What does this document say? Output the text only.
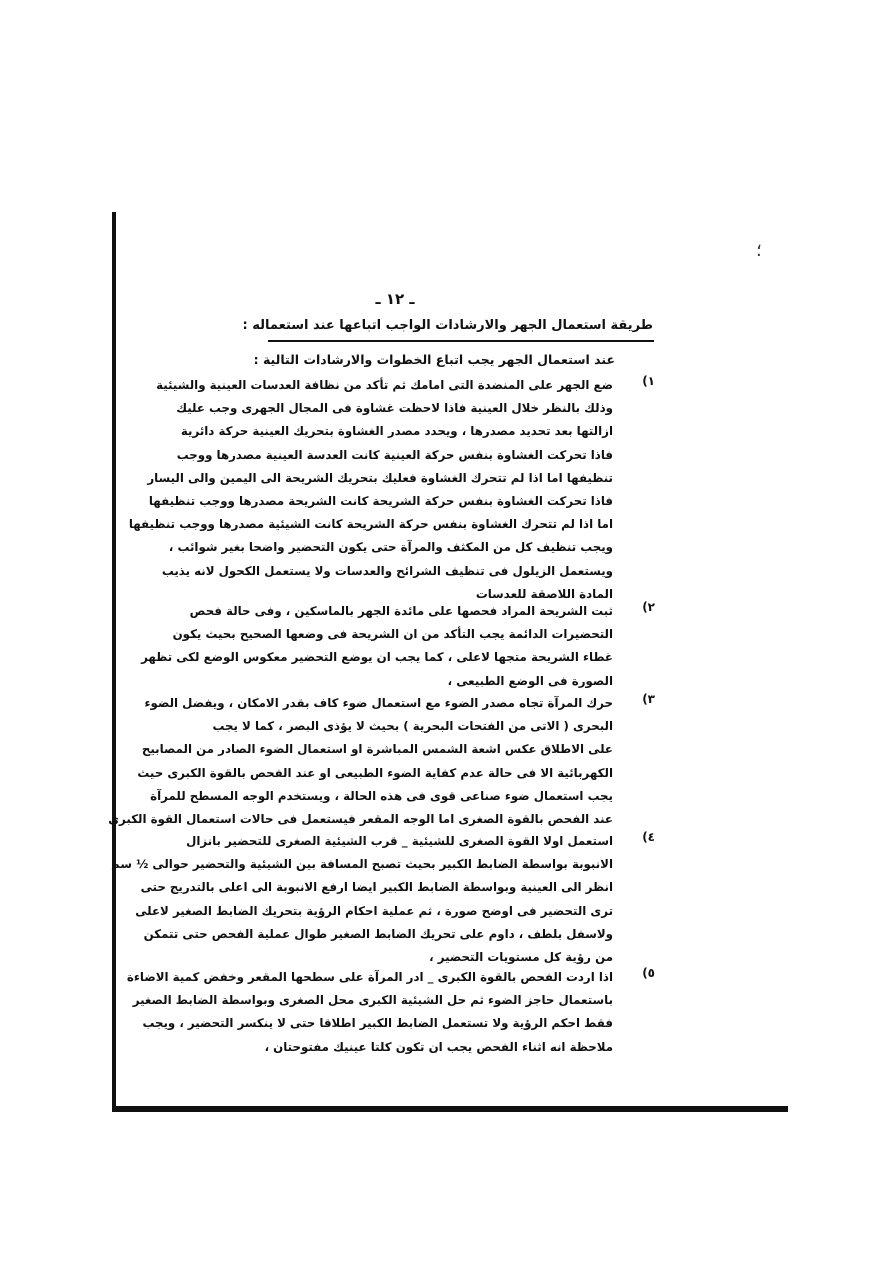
؛
ـ ١٢ ـ
طريقة استعمال الجهر والارشادات الواجب اتباعها عند استعماله :
عند استعمال الجهر يجب اتباع الخطوات والارشادات التالية :
١)
ضع الجهر على المنضدة التى امامك ثم تأكد من نظافة العدسات العينية والشيئية
وذلك بالنظر خلال العينية فاذا لاحظت غشاوة فى المجال الجهرى وجب عليك
ازالتها بعد تحديد مصدرها ، ويحدد مصدر الغشاوة بتحريك العينية حركة دائرية
فاذا تحركت الغشاوة بنفس حركة العينية كانت العدسة العينية مصدرها ووجب
تنظيفها اما اذا لم تتحرك الغشاوة فعليك بتحريك الشريحة الى اليمين والى اليسار
فاذا تحركت الغشاوة بنفس حركة الشريحة كانت الشريحة مصدرها ووجب تنظيفها
اما اذا لم تتحرك الغشاوة بنفس حركة الشريحة كانت الشيئية مصدرها ووجب تنظيفها
ويجب تنظيف كل من المكثف والمرآة حتى يكون التحضير واضحا بغير شوائب ،
ويستعمل الزيلول فى تنظيف الشرائح والعدسات ولا يستعمل الكحول لانه يذيب
المادة اللاصقة للعدسات
٢)
ثبت الشريحة المراد فحصها على مائدة الجهر بالماسكين ، وفى حالة فحص
التحضيرات الدائمة يجب التأكد من ان الشريحة فى وضعها الصحيح بحيث يكون
غطاء الشريحة متجها لاعلى ، كما يجب ان يوضع التحضير معكوس الوضع لكى تظهر
الصورة فى الوضع الطبيعى ،
٣)
حرك المرآة تجاه مصدر الضوء مع استعمال ضوء كاف بقدر الامكان ، ويفضل الضوء
البحرى ( الاتى من الفتحات البحرية ) بحيث لا يؤذى البصر ، كما لا يجب
على الاطلاق عكس اشعة الشمس المباشرة او استعمال الضوء الصادر من المصابيح
الكهربائية الا فى حالة عدم كفاية الضوء الطبيعى او عند الفحص بالقوة الكبرى حيث
يجب استعمال ضوء صناعى قوى فى هذه الحالة ، ويستخدم الوجه المسطح للمرآة
عند الفحص بالقوة الصغرى اما الوجه المقعر فيستعمل فى حالات استعمال القوة الكبرى
٤)
استعمل اولا القوة الصغرى للشيئية _ قرب الشيئية الصغرى للتحضير بانزال
الانبوبة بواسطة الضابط الكبير بحيث تصبح المسافة بين الشيئية والتحضير حوالى ½ سم
انظر الى العينية وبواسطة الضابط الكبير ايضا ارفع الانبوبة الى اعلى بالتدريج حتى
ترى التحضير فى اوضح صورة ، ثم عملية احكام الرؤية بتحريك الضابط الصغير لاعلى
ولاسفل بلطف ، داوم على تحريك الضابط الصغير طوال عملية الفحص حتى تتمكن
من رؤية كل مستويات التحضير ،
٥)
اذا اردت الفحص بالقوة الكبرى _ ادر المرآة على سطحها المقعر وخفض كمية الاضاءة
باستعمال حاجز الضوء ثم حل الشيئية الكبرى محل الصغرى وبواسطة الضابط الصغير
فقط احكم الرؤية ولا تستعمل الضابط الكبير اطلاقا حتى لا ينكسر التحضير ، ويجب
ملاحظة انه اثناء الفحص يجب ان تكون كلتا عينيك مفتوحتان ،
